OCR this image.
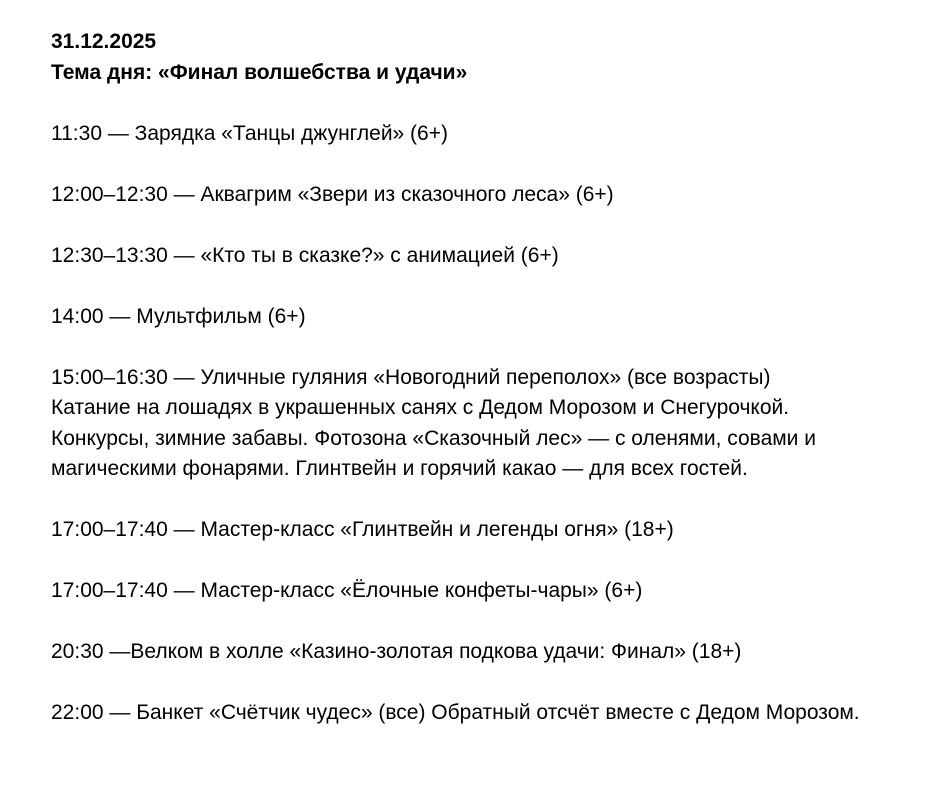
31.12.2025

Тема дня: «Финал волшебства и удачи»

11:30 — Зарядка «Танцы джунглей» (6+)

12:00–12:30 — Аквагрим «Звери из сказочного леса» (6+)

12:30–13:30 — «Кто ты в сказке?» с анимацией (6+)

14:00 — Мультфильм (6+)

15:00–16:30 — Уличные гуляния «Новогодний переполох» (все возрасты)
Катание на лошадях в украшенных санях с Дедом Морозом и Снегурочкой. Конкурсы, зимние забавы. Фотозона «Сказочный лес» — с оленями, совами и магическими фонарями. Глинтвейн и горячий какао — для всех гостей.

17:00–17:40 — Мастер-класс «Глинтвейн и легенды огня» (18+)

17:00–17:40 — Мастер-класс «Ёлочные конфеты-чары» (6+)

20:30 —Велком в холле «Казино-золотая подкова удачи: Финал» (18+)

22:00 — Банкет «Счётчик чудес» (все) Обратный отсчёт вместе с Дедом Морозом.
